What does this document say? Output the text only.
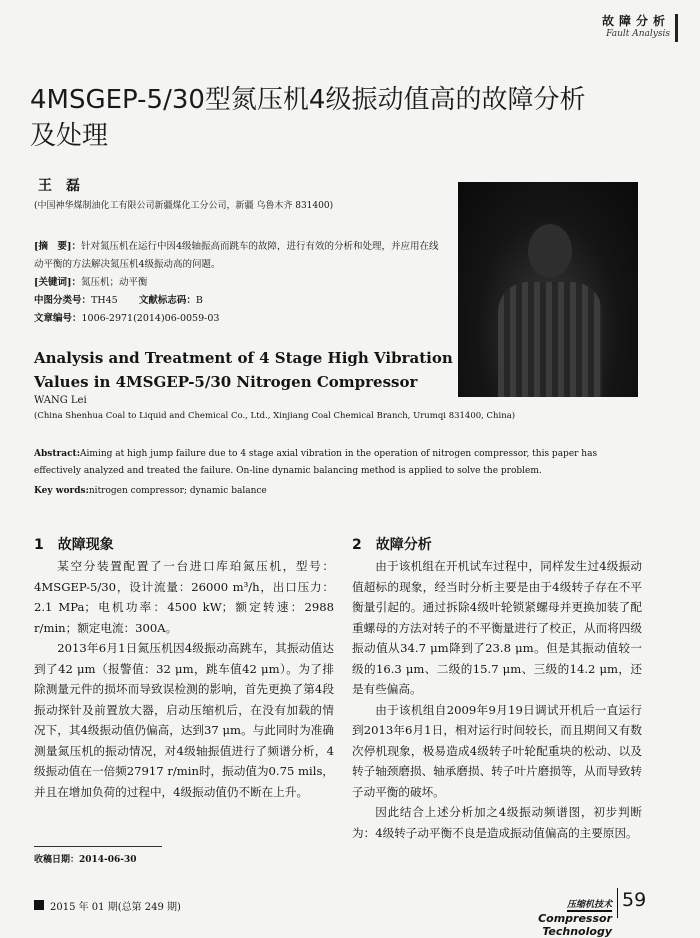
故障分析
Fault Analysis
4MSGEP-5/30型氮压机4级振动值高的故障分析及处理
王　磊
(中国神华煤制油化工有限公司新疆煤化工分公司，新疆 乌鲁木齐 831400)
[摘　要]：针对氮压机在运行中因4级轴振高而跳车的故障，进行有效的分析和处理，并应用在线动平衡的方法解决氮压机4级振动高的问题。
[关键词]：氮压机；动平衡
中图分类号：TH45 文献标志码：B
文章编号：1006-2971(2014)06-0059-03
Analysis and Treatment of 4 Stage High Vibration Values in 4MSGEP-5/30 Nitrogen Compressor
WANG Lei
(China Shenhua Coal to Liquid and Chemical Co., Ltd., Xinjiang Coal Chemical Branch, Urumqi 831400, China)
Abstract:Aiming at high jump failure due to 4 stage axial vibration in the operation of nitrogen compressor, this paper has effectively analyzed and treated the failure. On-line dynamic balancing method is applied to solve the problem.
Key words:nitrogen compressor; dynamic balance
1　故障现象

某空分装置配置了一台进口库珀氮压机，型号：4MSGEP-5/30，设计流量：26000 m³/h，出口压力：2.1 MPa；电机功率：4500 kW；额定转速：2988 r/min；额定电流：300A。

2013年6月1日氮压机因4级振动高跳车，其振动值达到了42 μm（报警值：32 μm，跳车值42 μm）。为了排除测量元件的损坏而导致误检测的影响，首先更换了第4段振动探针及前置放大器，启动压缩机后，在没有加载的情况下，其4级振动值仍偏高，达到37 μm。与此同时为准确测量氮压机的振动情况，对4级轴振值进行了频谱分析，4级振动值在一倍频27917 r/min时，振动值为0.75 mils，并且在增加负荷的过程中，4级振动值仍不断在上升。

2　故障分析

由于该机组在开机试车过程中，同样发生过4级振动值超标的现象，经当时分析主要是由于4级转子存在不平衡量引起的。通过拆除4级叶轮锁紧螺母并更换加装了配重螺母的方法对转子的不平衡量进行了校正，从而将四级振动值从34.7 μm降到了23.8 μm。但是其振动值较一级的16.3 μm、二级的15.7 μm、三级的14.2 μm，还是有些偏高。

由于该机组自2009年9月19日调试开机后一直运行到2013年6月1日，相对运行时间较长，而且期间又有数次停机现象，极易造成4级转子叶轮配重块的松动、以及转子轴颈磨损、轴承磨损、转子叶片磨损等，从而导致转子动平衡的破坏。

因此结合上述分析加之4级振动频谱图，初步判断为：4级转子动平衡不良是造成振动值偏高的主要原因。

收稿日期：2014-06-30
2015 年 01 期(总第 249 期)	压缩机技术
Compressor Technology
59
